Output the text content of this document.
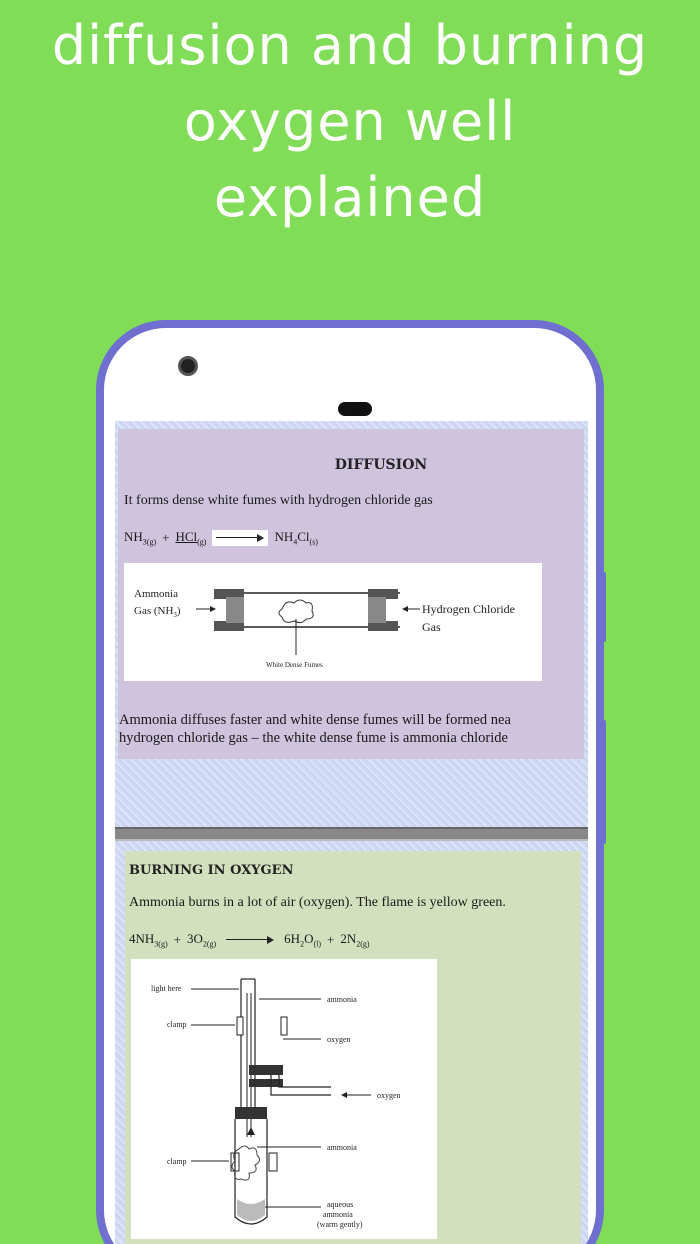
diffusion and burning
oxygen well
explained
DIFFUSION
It forms dense white fumes with hydrogen chloride gas
$NH_{3(g)} + HCl_{(g)}$	$NH_4Cl_{(s)}$
Ammonia
Gas $(NH_3)$	Hydrogen Chloride
Gas
White Dense Fumes
Ammonia diffuses faster and white dense fumes will be formed nea
hydrogen chloride gas – the white dense fume is ammonia chloride
BURNING IN OXYGEN
Ammonia burns in a lot of air (oxygen). The flame is yellow green.
$4NH_{3(g)} + 3O_{2(g)}$	$6H_2O_{(l)} + 2N_{2(g)}$
light here
clamp
ammonia
oxygen
oxygen
ammonia
clamp
aqueous
ammonia
(warm gently)
